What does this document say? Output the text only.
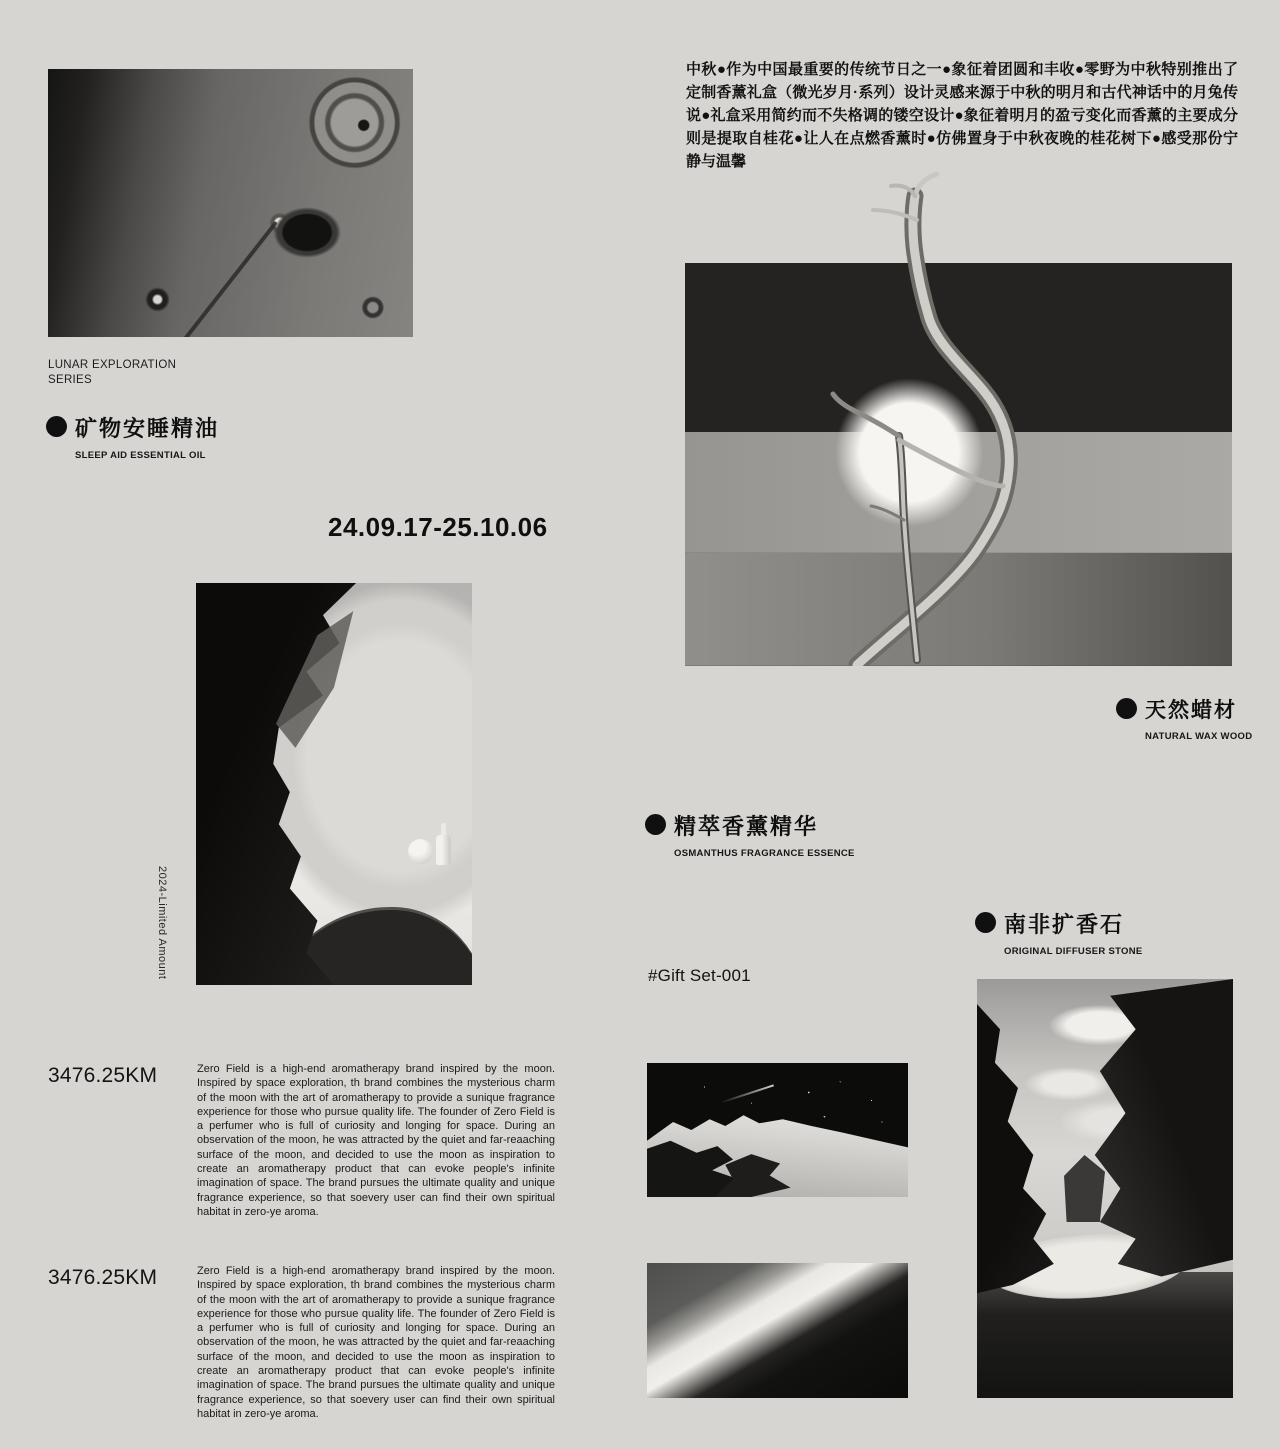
中秋●作为中国最重要的传统节日之一●象征着团圆和丰收●零野为中秋特别推出了定制香薰礼盒（微光岁月·系列）设计灵感来源于中秋的明月和古代神话中的月兔传说●礼盒采用简约而不失格调的镂空设计●象征着明月的盈亏变化而香薰的主要成分则是提取自桂花●让人在点燃香薰时●仿佛置身于中秋夜晚的桂花树下●感受那份宁静与温馨

LUNAR EXPLORATION
SERIES
矿物安睡精油
SLEEP AID ESSENTIAL OIL
24.09.17-25.10.06
2024-Limited Amount
天然蜡材
NATURAL WAX WOOD
精萃香薰精华
OSMANTHUS FRAGRANCE ESSENCE
南非扩香石
ORIGINAL DIFFUSER STONE
#Gift Set-001
3476.25KM	Zero Field is a high-end aromatherapy brand inspired by the moon. Inspired by space exploration, th brand combines the mysterious charm of the moon with the art of aromatherapy to provide a sunique fragrance experience for those who pursue quality life. The founder of Zero Field is a perfumer who is full of curiosity and longing for space. During an observation of the moon, he was attracted by the quiet and far-reaaching surface of the moon, and decided to use the moon as inspiration to create an aromatherapy product that can evoke people's infinite imagination of space. The brand pursues the ultimate quality and unique fragrance experience, so that soevery user can find their own spiritual habitat in zero-ye aroma.

3476.25KM	Zero Field is a high-end aromatherapy brand inspired by the moon. Inspired by space exploration, th brand combines the mysterious charm of the moon with the art of aromatherapy to provide a sunique fragrance experience for those who pursue quality life. The founder of Zero Field is a perfumer who is full of curiosity and longing for space. During an observation of the moon, he was attracted by the quiet and far-reaaching surface of the moon, and decided to use the moon as inspiration to create an aromatherapy product that can evoke people's infinite imagination of space. The brand pursues the ultimate quality and unique fragrance experience, so that soevery user can find their own spiritual habitat in zero-ye aroma.
